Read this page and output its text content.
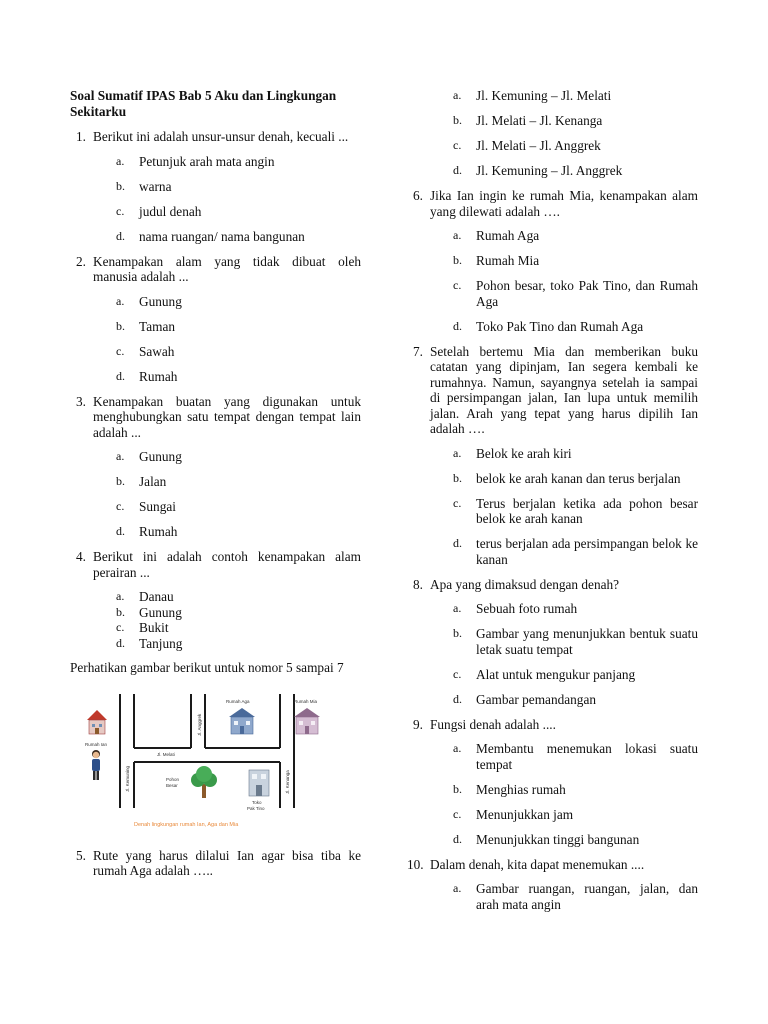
Soal Sumatif IPAS Bab 5 Aku dan Lingkungan Sekitarku
1. Berikut ini adalah unsur-unsur denah, kecuali ...
a.	Petunjuk arah mata angin
b.	warna
c.	judul denah
d.	nama ruangan/ nama bangunan
2. Kenampakan alam yang tidak dibuat oleh manusia adalah ...
a.	Gunung
b.	Taman
c.	Sawah
d.	Rumah
3. Kenampakan buatan yang digunakan untuk menghubungkan satu tempat dengan tempat lain adalah ...
a.	Gunung
b.	Jalan
c.	Sungai
d.	Rumah
4. Berikut ini adalah contoh kenampakan alam perairan ...
a.	Danau
b.	Gunung
c.	Bukit
d.	Tanjung
Perhatikan gambar berikut untuk nomor 5 sampai 7
Rumah Ian
Jl. Kemuning
Jl. Anggrek
Rumah Aga	Rumah Mia
Jl. Melati
Pohon
Besar
Toko
Pak Tino
Jl. Kenanga
Denah lingkungan rumah Ian, Aga dan Mia
5. Rute yang harus dilalui Ian agar bisa tiba ke rumah Aga adalah …..
a.	Jl. Kemuning – Jl. Melati
b.	Jl. Melati – Jl. Kenanga
c.	Jl. Melati – Jl. Anggrek
d.	Jl. Kemuning – Jl. Anggrek
6. Jika Ian ingin ke rumah Mia, kenampakan alam yang dilewati adalah ….
a.	Rumah Aga
b.	Rumah Mia
c.	Pohon besar, toko Pak Tino, dan Rumah Aga
d.	Toko Pak Tino dan Rumah Aga
7. Setelah bertemu Mia dan memberikan buku catatan yang dipinjam, Ian segera kembali ke rumahnya. Namun, sayangnya setelah ia sampai di persimpangan jalan, Ian lupa untuk memilih jalan. Arah yang tepat yang harus dipilih Ian adalah ….
a.	Belok ke arah kiri
b.	belok ke arah kanan dan terus berjalan
c.	Terus berjalan ketika ada pohon besar belok ke arah kanan
d.	terus berjalan ada persimpangan belok ke kanan
8. Apa yang dimaksud dengan denah?
a.	Sebuah foto rumah
b.	Gambar yang menunjukkan bentuk suatu letak suatu tempat
c.	Alat untuk mengukur panjang
d.	Gambar pemandangan
9. Fungsi denah adalah ....
a.	Membantu menemukan lokasi suatu tempat
b.	Menghias rumah
c.	Menunjukkan jam
d.	Menunjukkan tinggi bangunan
10. Dalam denah, kita dapat menemukan ....
a.	Gambar ruangan, ruangan, jalan, dan arah mata angin
